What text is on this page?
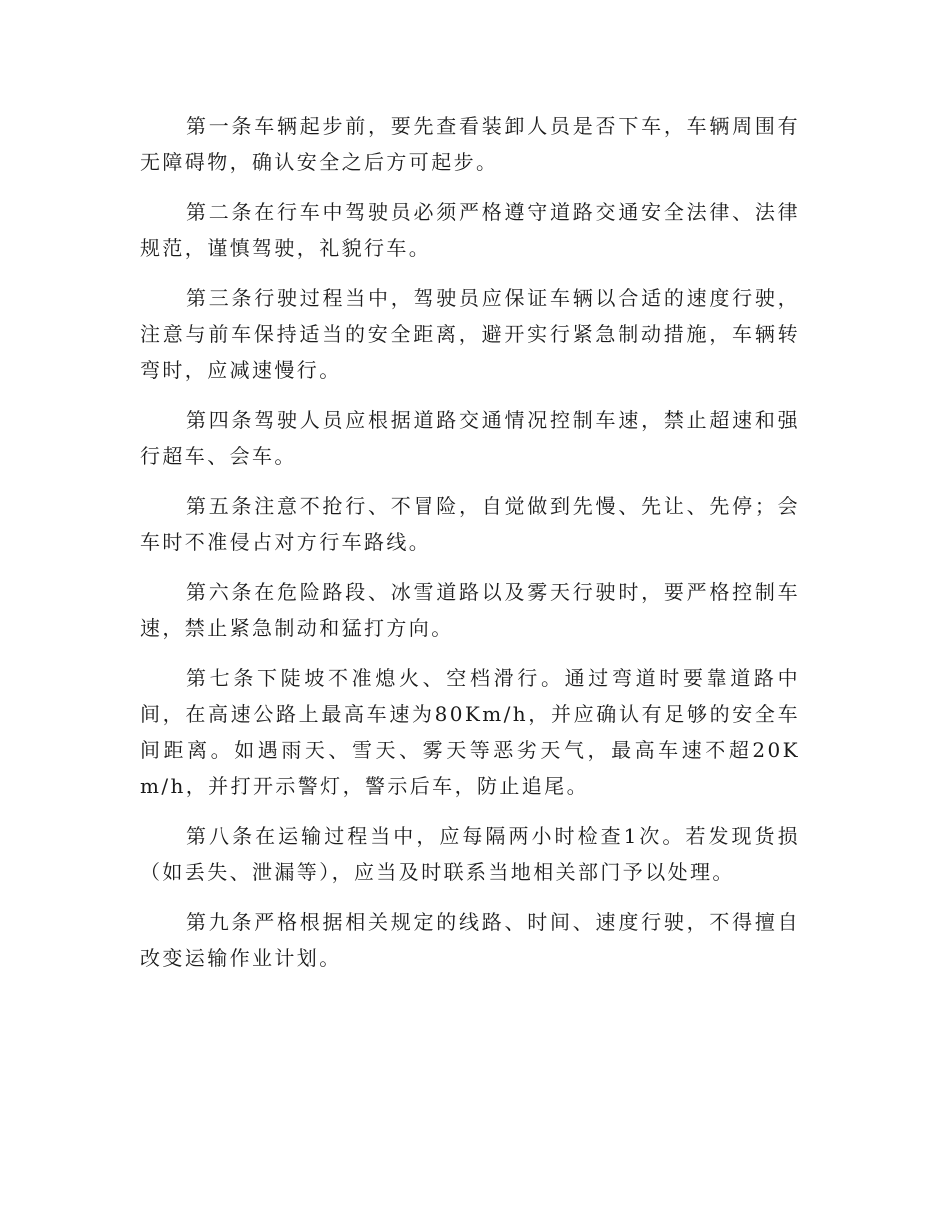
第一条车辆起步前，要先查看装卸人员是否下车，车辆周围有无障碍物，确认安全之后方可起步。

第二条在行车中驾驶员必须严格遵守道路交通安全法律、法律规范，谨慎驾驶，礼貌行车。

第三条行驶过程当中，驾驶员应保证车辆以合适的速度行驶，注意与前车保持适当的安全距离，避开实行紧急制动措施，车辆转弯时，应减速慢行。

第四条驾驶人员应根据道路交通情况控制车速，禁止超速和强行超车、会车。

第五条注意不抢行、不冒险，自觉做到先慢、先让、先停；会车时不准侵占对方行车路线。

第六条在危险路段、冰雪道路以及雾天行驶时，要严格控制车速，禁止紧急制动和猛打方向。

第七条下陡坡不准熄火、空档滑行。通过弯道时要靠道路中间，在高速公路上最高车速为80Km/h，并应确认有足够的安全车间距离。如遇雨天、雪天、雾天等恶劣天气，最高车速不超20Km/h，并打开示警灯，警示后车，防止追尾。

第八条在运输过程当中，应每隔两小时检查1次。若发现货损（如丢失、泄漏等），应当及时联系当地相关部门予以处理。

第九条严格根据相关规定的线路、时间、速度行驶，不得擅自改变运输作业计划。
